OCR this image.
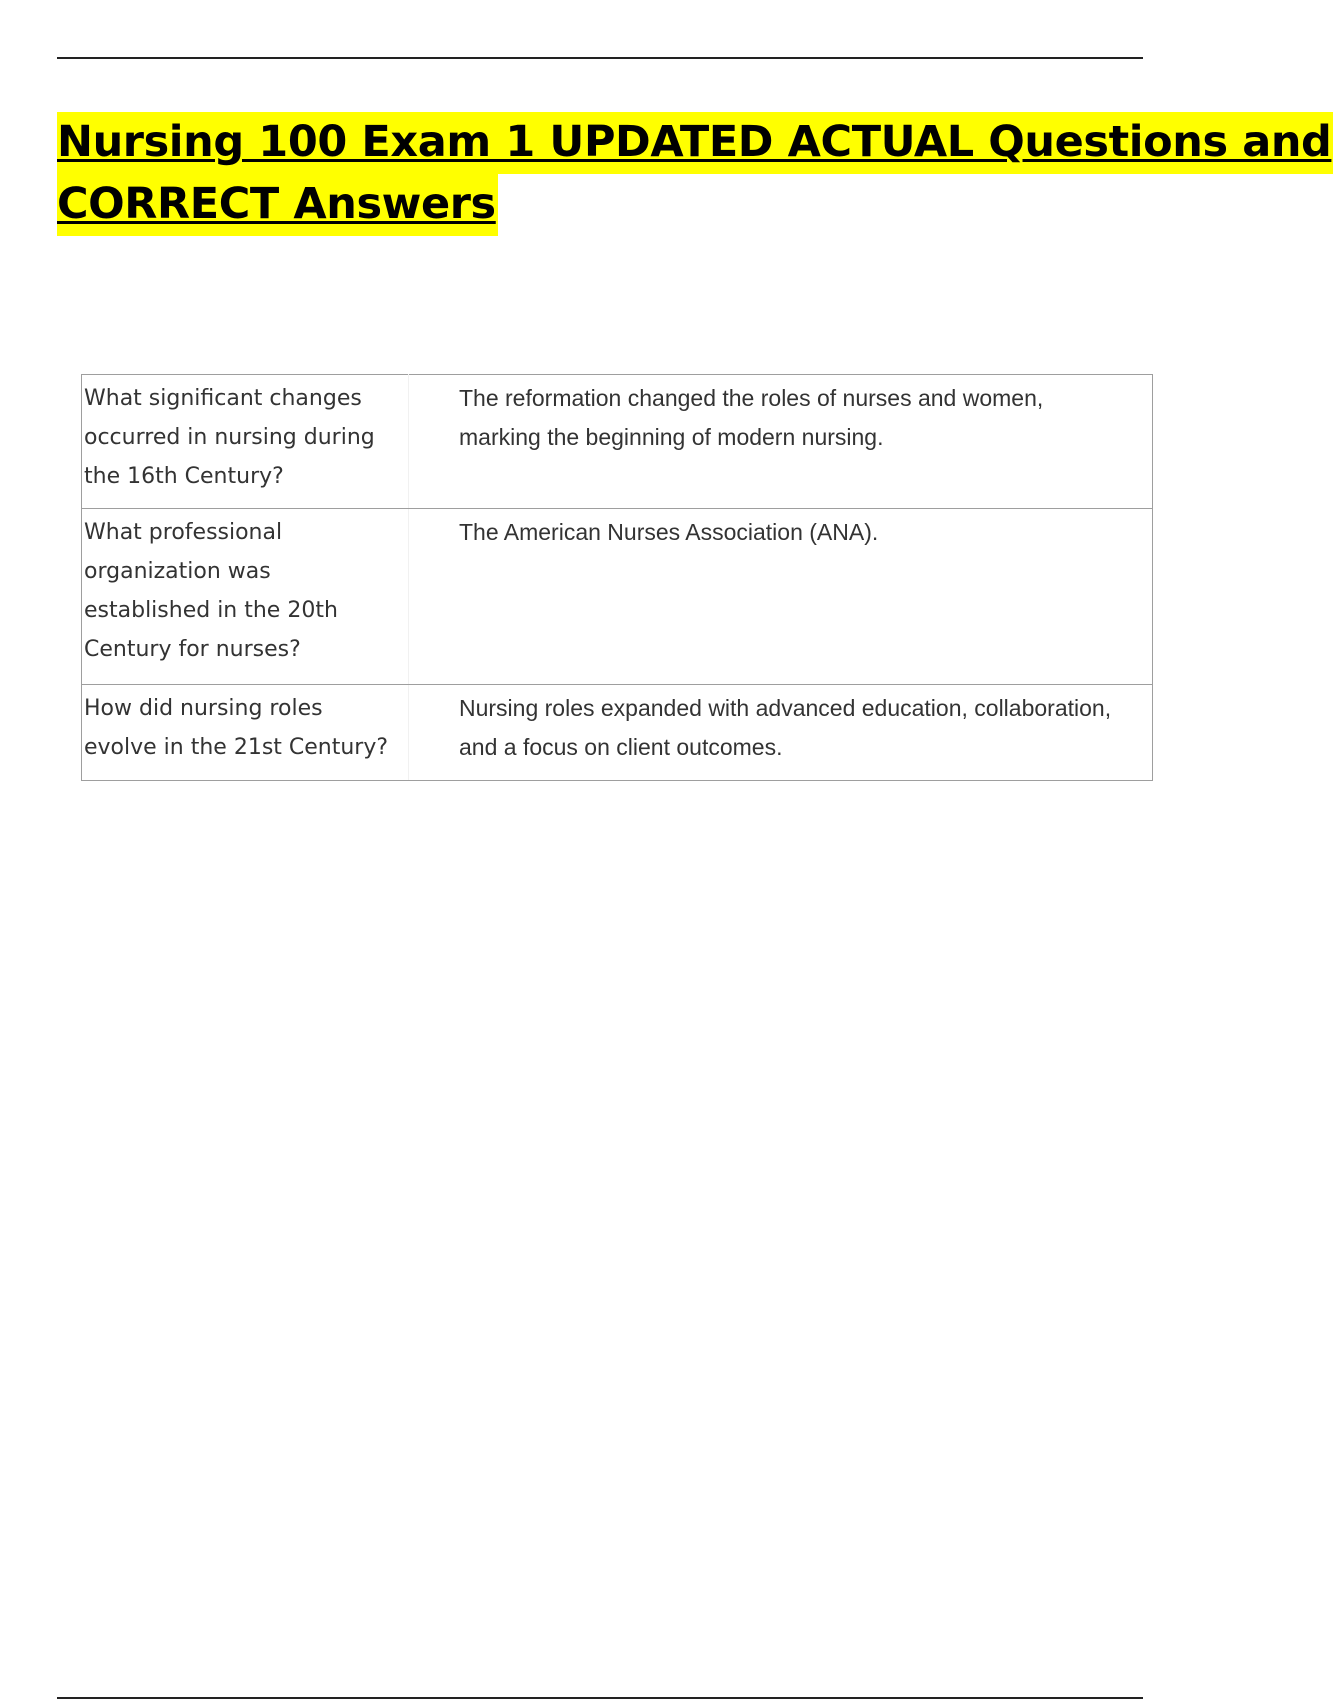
Nursing 100 Exam 1 UPDATED ACTUAL Questions and
CORRECT Answers
What significant changes occurred in nursing during the 16th Century?	The reformation changed the roles of nurses and women, marking the beginning of modern nursing.
What professional organization was established in the 20th Century for nurses?	The American Nurses Association (ANA).
How did nursing roles evolve in the 21st Century?	Nursing roles expanded with advanced education, collaboration, and a focus on client outcomes.
